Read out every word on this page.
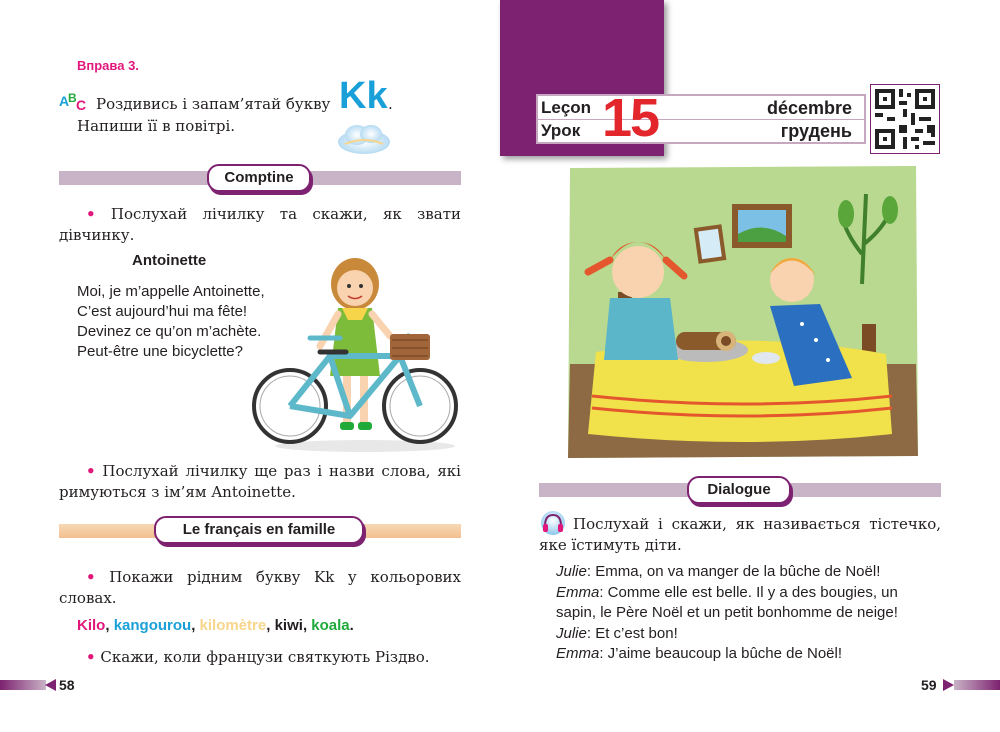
Вправа 3.
A
B C Роздивись і запам’ятай букву Kk .
Напиши її в повітрі.
Comptine
• Послухай лічилку та скажи, як звати
дівчинку.
Antoinette
Moi, je m’appelle Antoinette,
C’est aujourd’hui ma fête!
Devinez ce qu’on m’achète.
Peut-être une bicyclette?
• Послухай лічилку ще раз і назви слова, які
римуються з ім’ям Antoinette.
Le français en famille
• Покажи рідним букву Kk у кольорових
словах.
Kilo, kangourou, kilomètre, kiwi, koala.
• Скажи, коли французи святкують Різдво.
58
Leçon
Урок 15	décembre
грудень
Dialogue
Послухай і скажи, як називається тістечко,
яке їстимуть діти.
Julie: Emma, on va manger de la bûche de Noël!
Emma: Comme elle est belle. Il y a des bougies, un
sapin, le Père Noël et un petit bonhomme de neige!
Julie: Et c’est bon!
Emma: J’aime beaucoup la bûche de Noël!
59
